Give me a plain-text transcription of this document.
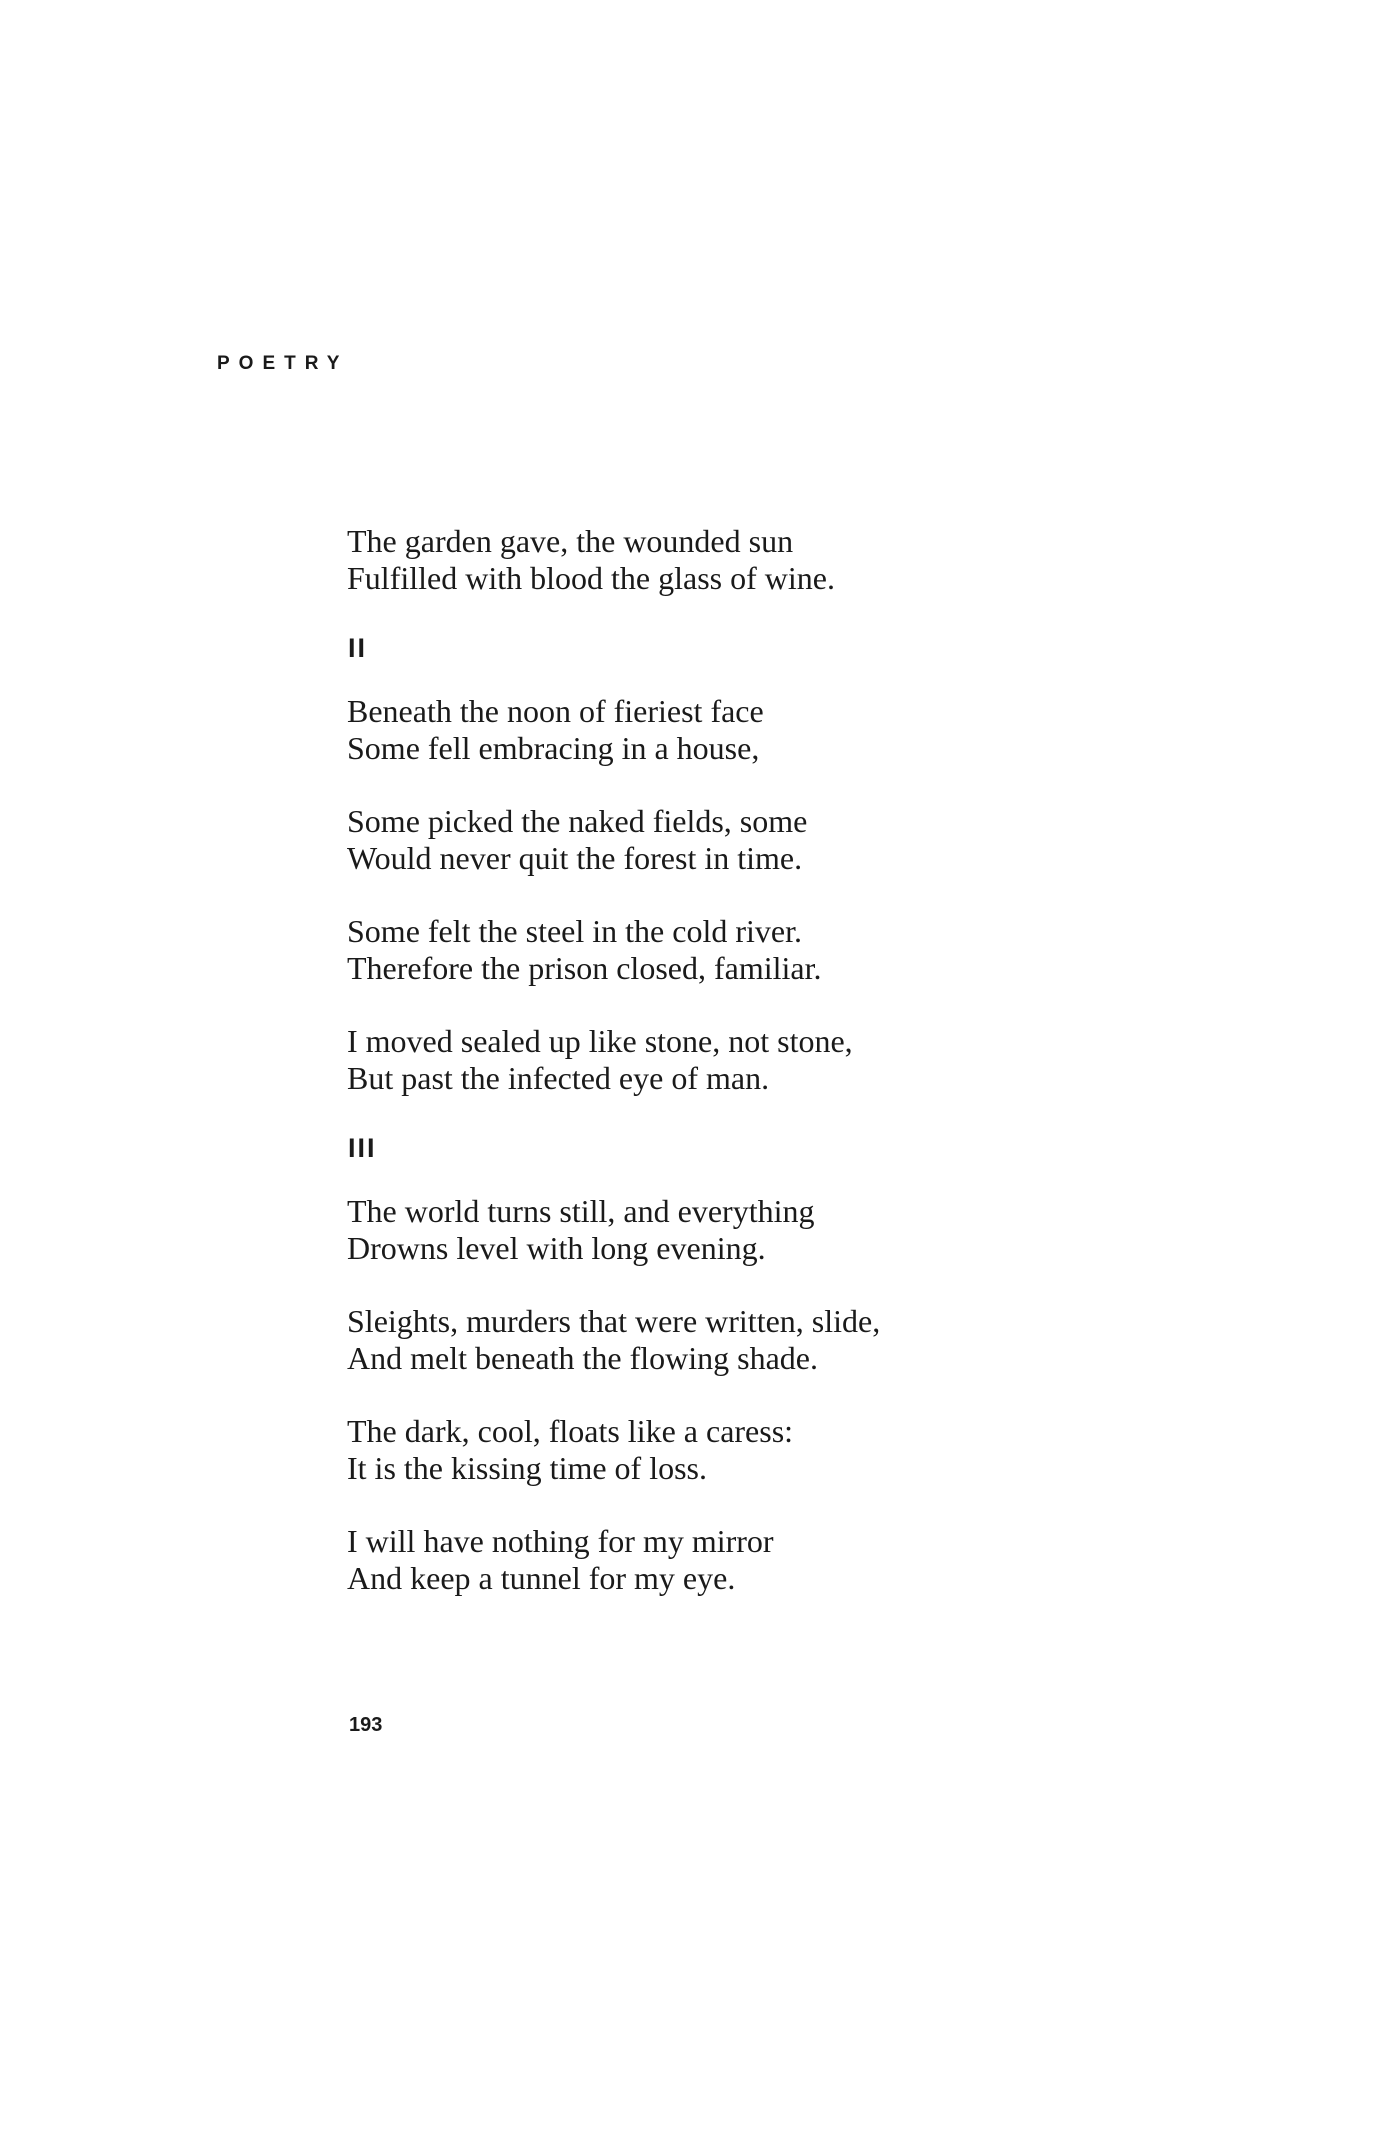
POETRY
The garden gave, the wounded sun
Fulfilled with blood the glass of wine.
II
Beneath the noon of fieriest face
Some fell embracing in a house,
Some picked the naked fields, some
Would never quit the forest in time.
Some felt the steel in the cold river.
Therefore the prison closed, familiar.
I moved sealed up like stone, not stone,
But past the infected eye of man.
III
The world turns still, and everything
Drowns level with long evening.
Sleights, murders that were written, slide,
And melt beneath the flowing shade.
The dark, cool, floats like a caress:
It is the kissing time of loss.
I will have nothing for my mirror
And keep a tunnel for my eye.
193
